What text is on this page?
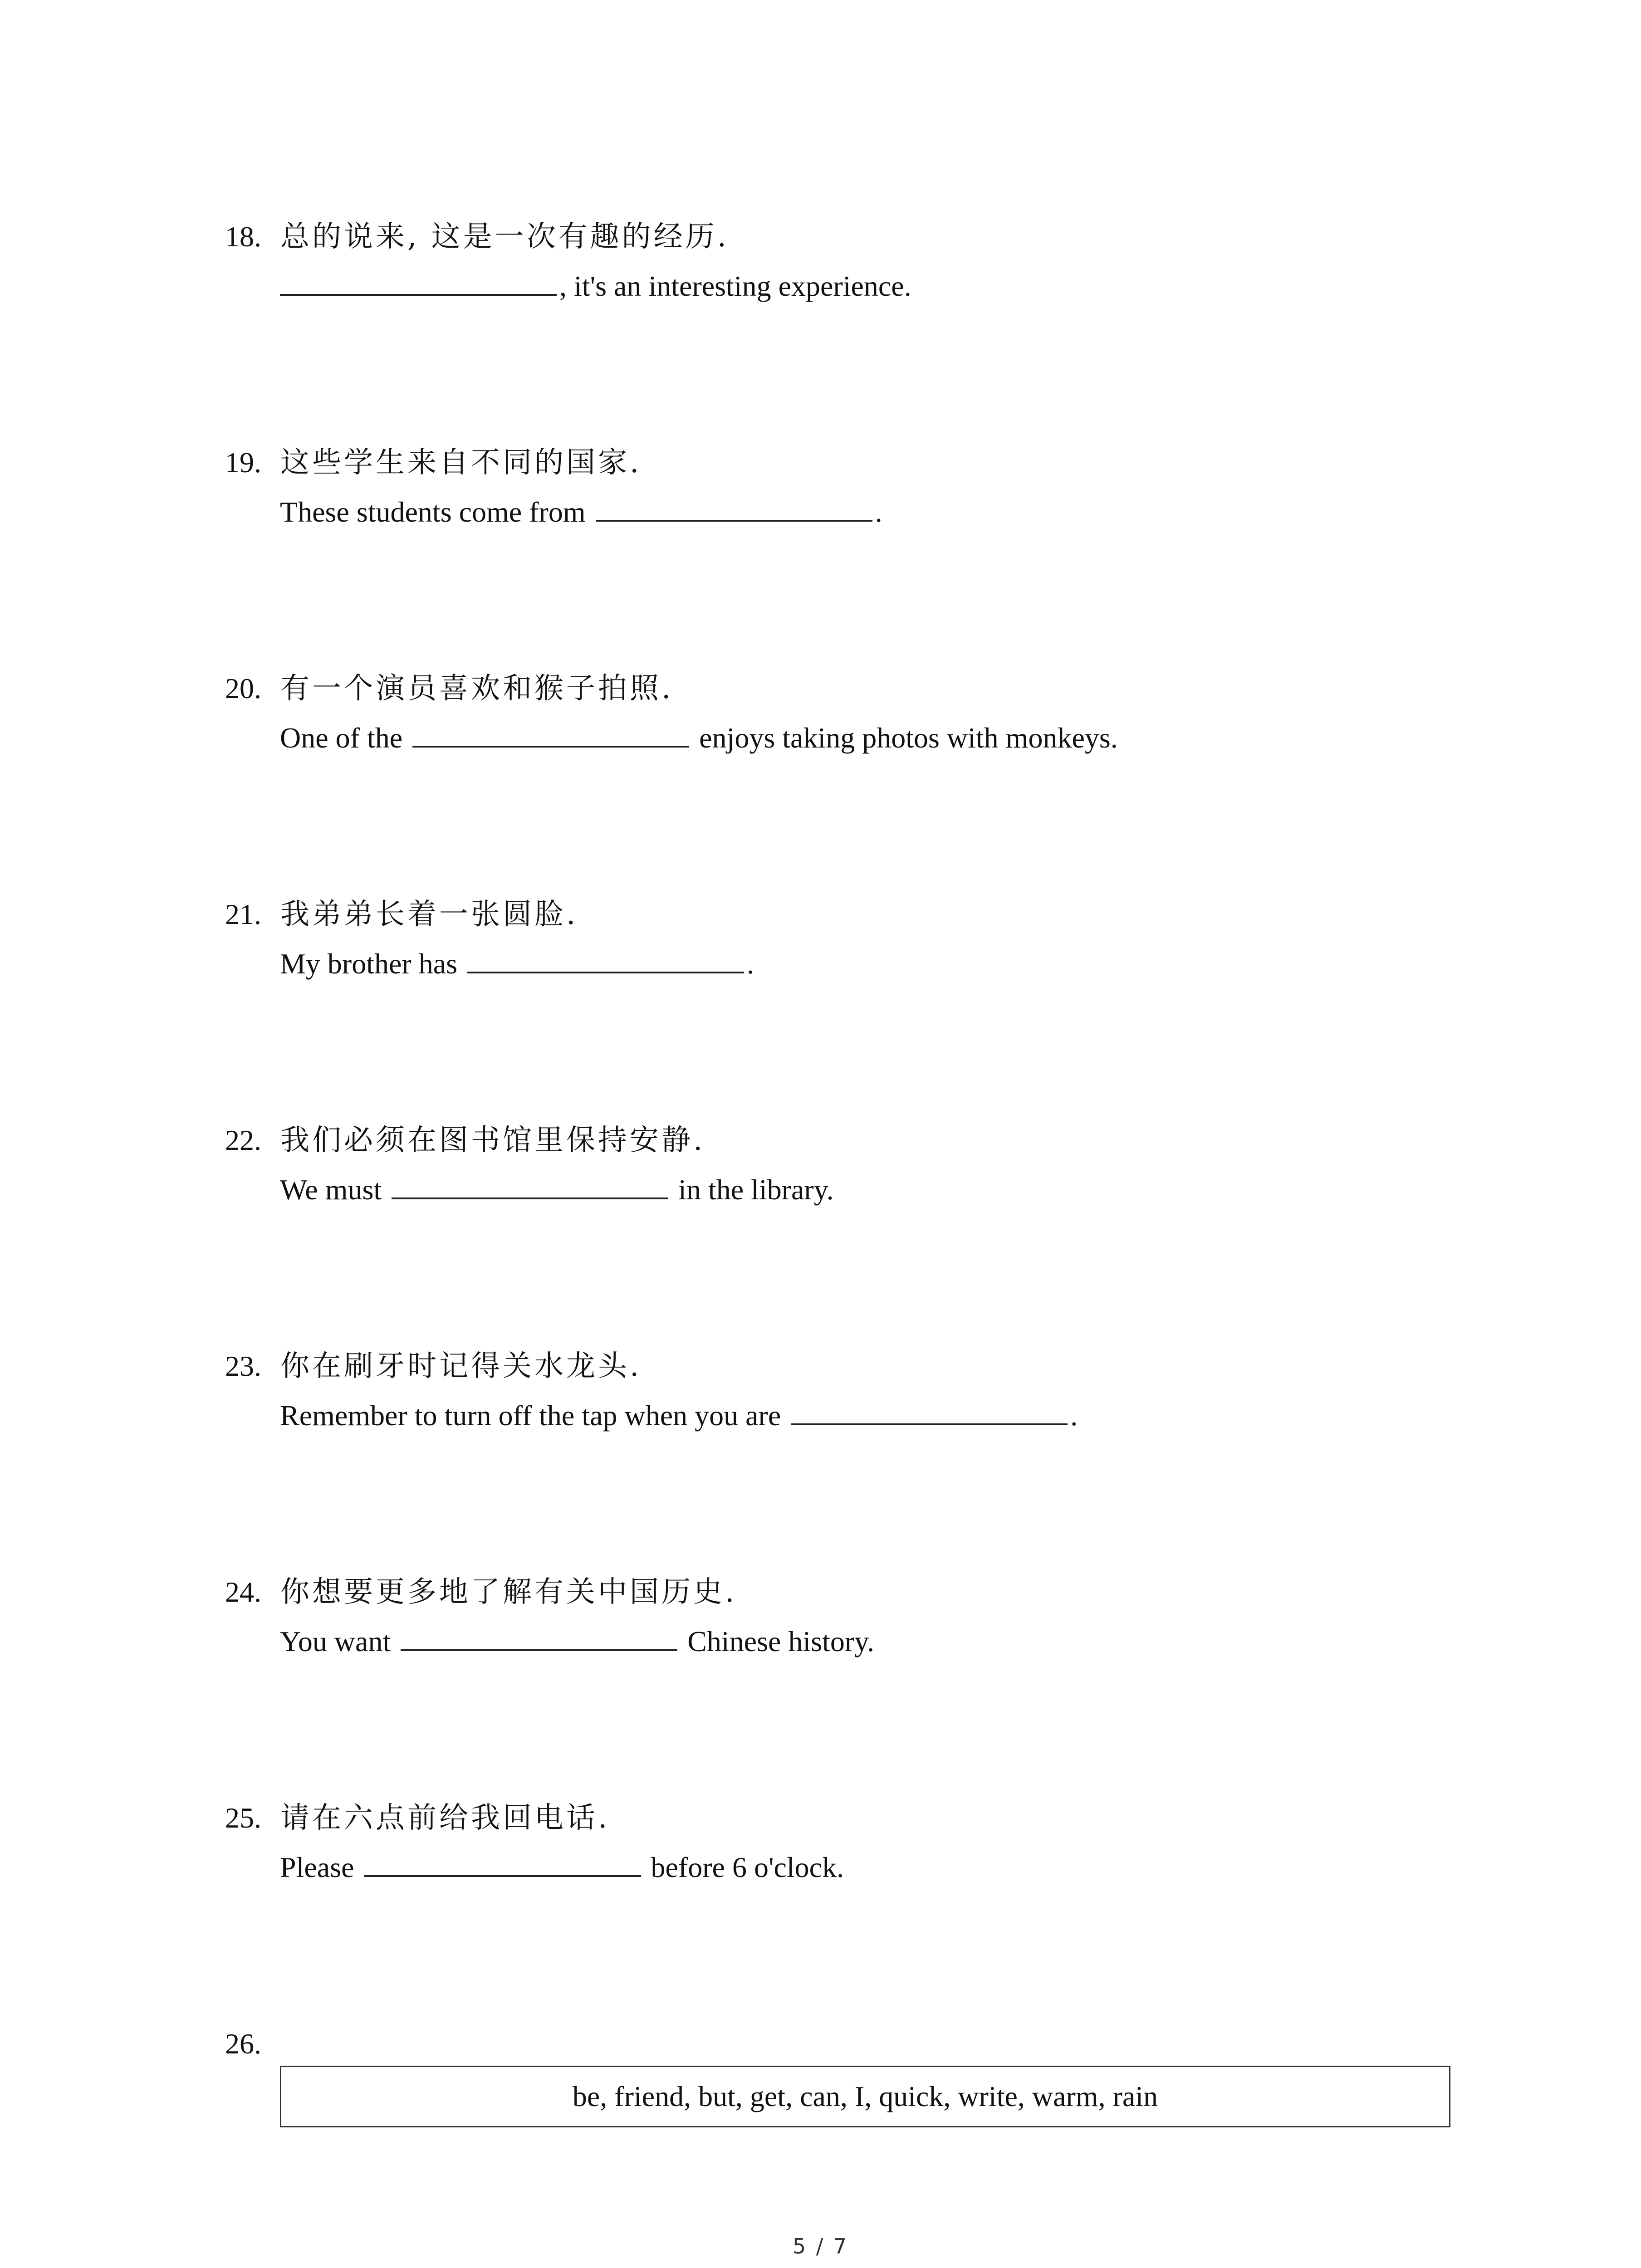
18. 总的说来, 这是一次有趣的经历.
, it's an interesting experience.
19. 这些学生来自不同的国家.
These students come from	.
20. 有一个演员喜欢和猴子拍照.
One of the	enjoys taking photos with monkeys.
21. 我弟弟长着一张圆脸.
My brother has	.
22. 我们必须在图书馆里保持安静.
We must	in the library.
23. 你在刷牙时记得关水龙头.
Remember to turn off the tap when you are	.
24. 你想要更多地了解有关中国历史.
You want	Chinese history.
25. 请在六点前给我回电话.
Please	before 6 o'clock.
26.
be, friend, but, get, can, I, quick, write, warm, rain
5 / 7
